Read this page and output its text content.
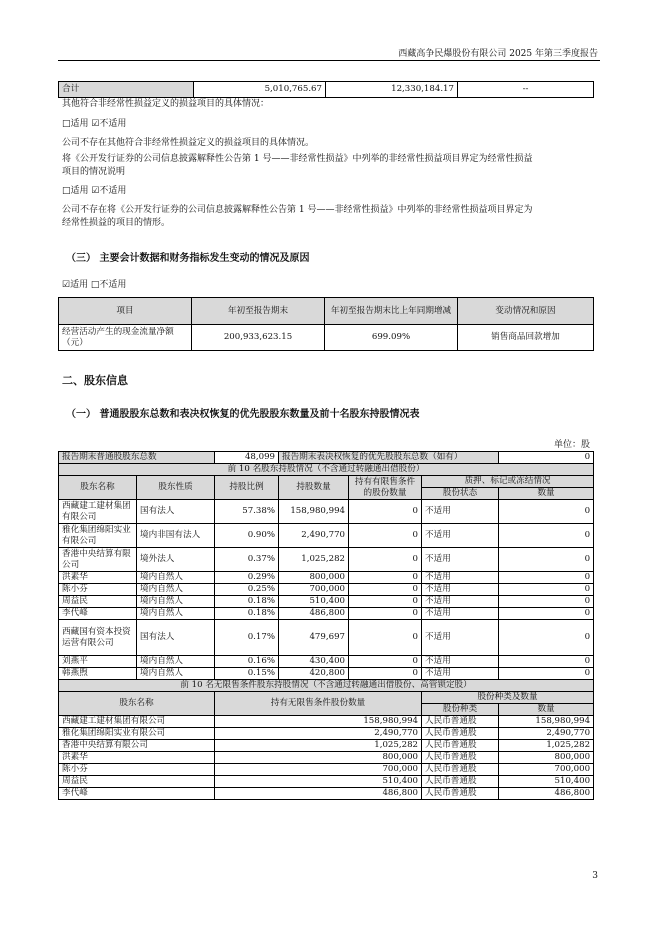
西藏高争民爆股份有限公司 2025 年第三季度报告
合计	5,010,765.67	12,330,184.17	--
其他符合非经常性损益定义的损益项目的具体情况：
□适用 ☑不适用
公司不存在其他符合非经常性损益定义的损益项目的具体情况。
将《公开发行证券的公司信息披露解释性公告第 1 号——非经常性损益》中列举的非经常性损益项目界定为经常性损益
项目的情况说明
□适用 ☑不适用
公司不存在将《公开发行证券的公司信息披露解释性公告第 1 号——非经常性损益》中列举的非经常性损益项目界定为
经常性损益的项目的情形。
（三） 主要会计数据和财务指标发生变动的情况及原因
☑适用 □不适用
项目	年初至报告期末	年初至报告期末比上年同期增减	变动情况和原因
经营活动产生的现金流量净额（元）	200,933,623.15	699.09%	销售商品回款增加
二、股东信息
（一） 普通股股东总数和表决权恢复的优先股股东数量及前十名股东持股情况表
单位：股
报告期末普通股股东总数		48,099	报告期末表决权恢复的优先股股东总数（如有）			0
前 10 名股东持股情况（不含通过转融通出借股份）						
股东名称	股东性质	持股比例	持股数量	持有有限售条件的股份数量	质押、标记或冻结情况	
					股份状态	数量
西藏建工建材集团有限公司	国有法人	57.38%	158,980,994	0	不适用	0
雅化集团绵阳实业有限公司	境内非国有法人	0.90%	2,490,770	0	不适用	0
香港中央结算有限公司	境外法人	0.37%	1,025,282	0	不适用	0
洪素华	境内自然人	0.29%	800,000	0	不适用	0
陈小芬	境内自然人	0.25%	700,000	0	不适用	0
周益民	境内自然人	0.18%	510,400	0	不适用	0
李代峰	境内自然人	0.18%	486,800	0	不适用	0
西藏国有资本投资运营有限公司	国有法人	0.17%	479,697	0	不适用	0
刘燕平	境内自然人	0.16%	430,400	0	不适用	0
韩燕煦	境内自然人	0.15%	420,800	0	不适用	0
前 10 名无限售条件股东持股情况（不含通过转融通出借股份、高管锁定股）						
股东名称		持有无限售条件股份数量			股份种类及数量	
					股份种类	数量
西藏建工建材集团有限公司		158,980,994			人民币普通股	158,980,994
雅化集团绵阳实业有限公司		2,490,770			人民币普通股	2,490,770
香港中央结算有限公司		1,025,282			人民币普通股	1,025,282
洪素华		800,000			人民币普通股	800,000
陈小芬		700,000			人民币普通股	700,000
周益民		510,400			人民币普通股	510,400
李代峰		486,800			人民币普通股	486,800
3
